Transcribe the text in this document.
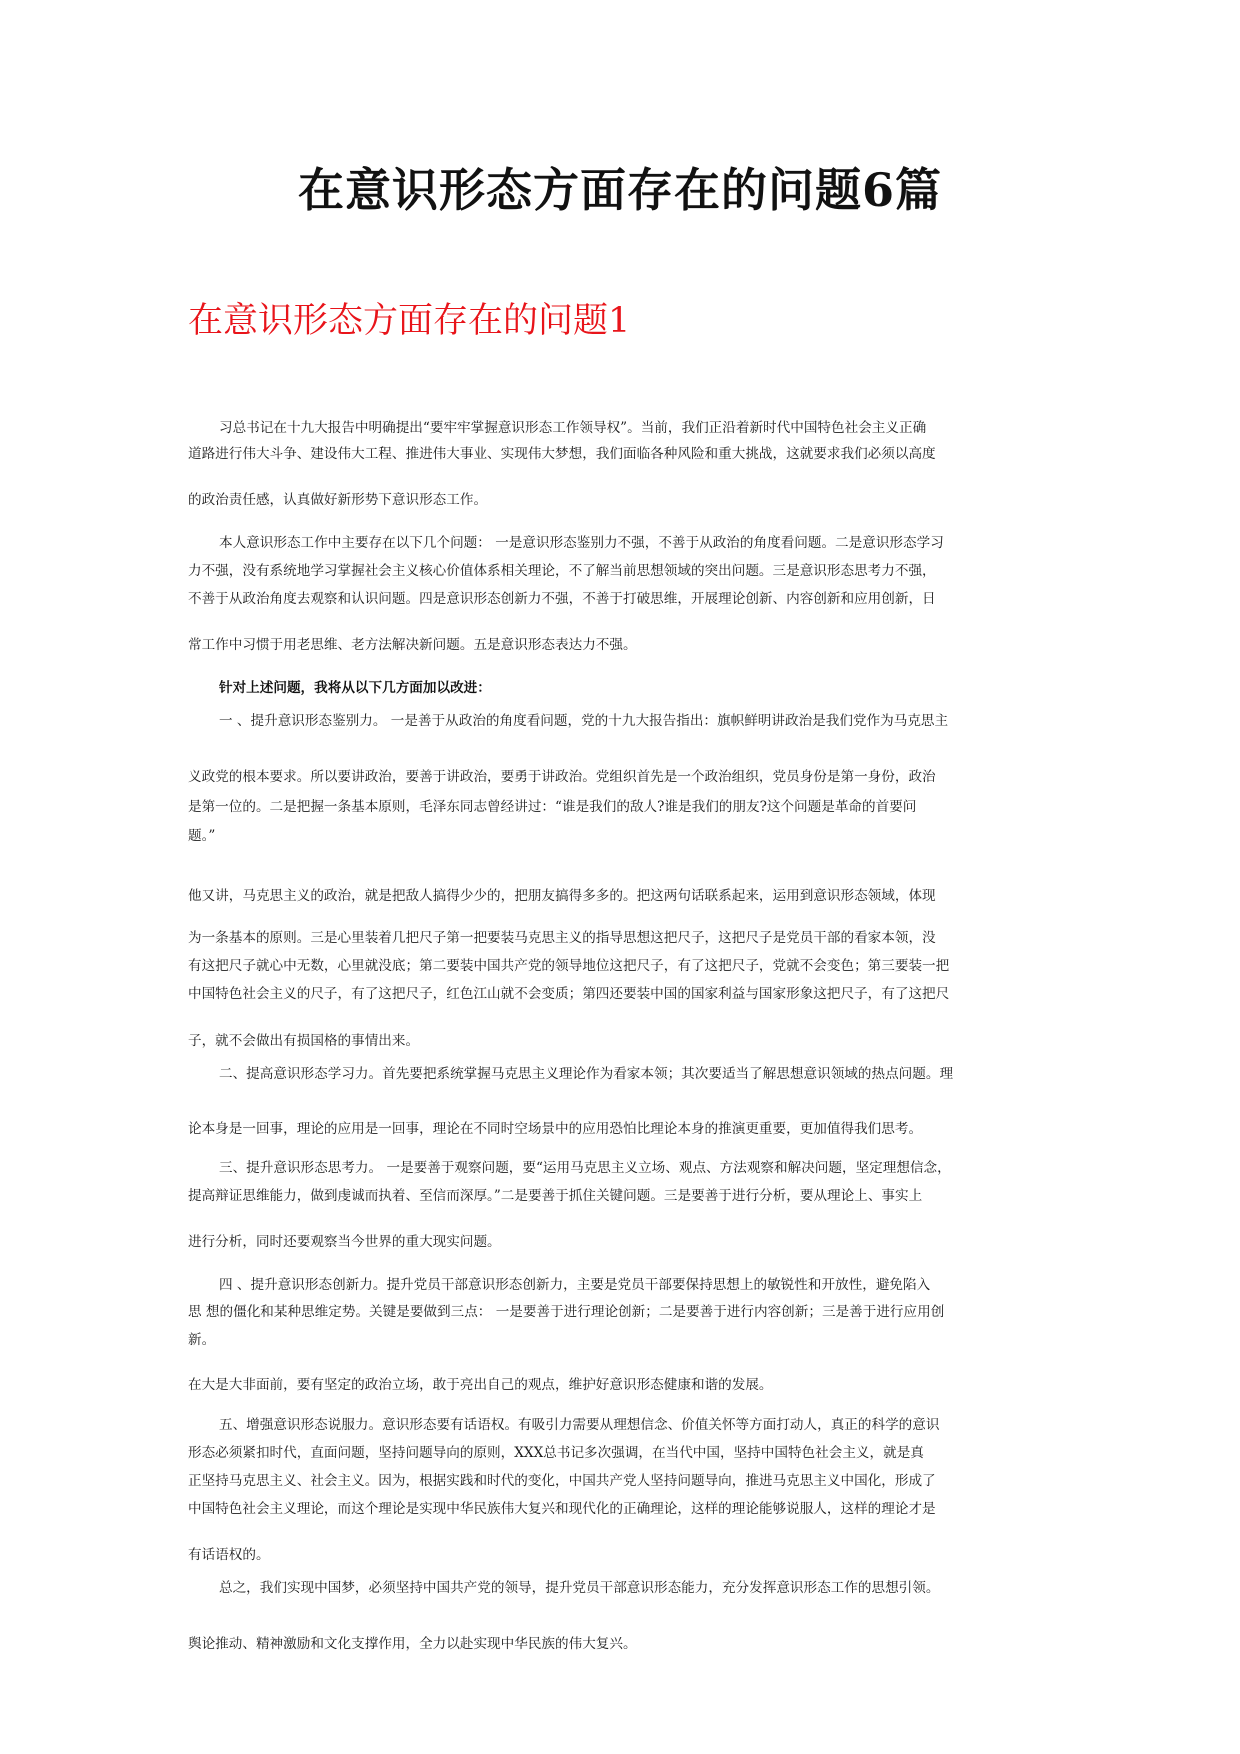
在意识形态方面存在的问题6篇
在意识形态方面存在的问题1

习总书记在十九大报告中明确提出“要牢牢掌握意识形态工作领导权”。当前，我们正沿着新时代中国特色社会主义正确

道路进行伟大斗争、建设伟大工程、推进伟大事业、实现伟大梦想，我们面临各种风险和重大挑战，这就要求我们必须以高度

的政治责任感，认真做好新形势下意识形态工作。

本人意识形态工作中主要存在以下几个问题： 一是意识形态鉴别力不强，不善于从政治的角度看问题。二是意识形态学习

力不强，没有系统地学习掌握社会主义核心价值体系相关理论，不了解当前思想领域的突出问题。三是意识形态思考力不强，

不善于从政治角度去观察和认识问题。四是意识形态创新力不强，不善于打破思维，开展理论创新、内容创新和应用创新，日

常工作中习惯于用老思维、老方法解决新问题。五是意识形态表达力不强。

针对上述问题，我将从以下几方面加以改进：

一 、提升意识形态鉴别力。 一是善于从政治的角度看问题，党的十九大报告指出：旗帜鲜明讲政治是我们党作为马克思主

义政党的根本要求。所以要讲政治，要善于讲政治，要勇于讲政治。党组织首先是一个政治组织，党员身份是第一身份，政治

是第一位的。二是把握一条基本原则，毛泽东同志曾经讲过：“谁是我们的敌人?谁是我们的朋友?这个问题是革命的首要问

题。”

他又讲，马克思主义的政治，就是把敌人搞得少少的，把朋友搞得多多的。把这两句话联系起来，运用到意识形态领域，体现

为一条基本的原则。三是心里装着几把尺子第一把要装马克思主义的指导思想这把尺子，这把尺子是党员干部的看家本领，没

有这把尺子就心中无数，心里就没底；第二要装中国共产党的领导地位这把尺子，有了这把尺子，党就不会变色；第三要装一把

中国特色社会主义的尺子，有了这把尺子，红色江山就不会变质；第四还要装中国的国家利益与国家形象这把尺子，有了这把尺

子，就不会做出有损国格的事情出来。

二、提高意识形态学习力。首先要把系统掌握马克思主义理论作为看家本领；其次要适当了解思想意识领域的热点问题。理

论本身是一回事，理论的应用是一回事，理论在不同时空场景中的应用恐怕比理论本身的推演更重要，更加值得我们思考。

三、提升意识形态思考力。 一是要善于观察问题，要“运用马克思主义立场、观点、方法观察和解决问题，坚定理想信念，

提高辩证思维能力，做到虔诚而执着、至信而深厚。”二是要善于抓住关键问题。三是要善于进行分析，要从理论上、事实上

进行分析，同时还要观察当今世界的重大现实问题。

四 、提升意识形态创新力。提升党员干部意识形态创新力，主要是党员干部要保持思想上的敏锐性和开放性，避免陷入

思 想的僵化和某种思维定势。关键是要做到三点： 一是要善于进行理论创新；二是要善于进行内容创新；三是善于进行应用创

新。

在大是大非面前，要有坚定的政治立场，敢于亮出自己的观点，维护好意识形态健康和谐的发展。

五、增强意识形态说服力。意识形态要有话语权。有吸引力需要从理想信念、价值关怀等方面打动人，真正的科学的意识

形态必须紧扣时代，直面问题，坚持问题导向的原则，XXX总书记多次强调，在当代中国，坚持中国特色社会主义，就是真

正坚持马克思主义、社会主义。因为，根据实践和时代的变化，中国共产党人坚持问题导向，推进马克思主义中国化，形成了

中国特色社会主义理论，而这个理论是实现中华民族伟大复兴和现代化的正确理论，这样的理论能够说服人，这样的理论才是

有话语权的。

总之，我们实现中国梦，必须坚持中国共产党的领导，提升党员干部意识形态能力，充分发挥意识形态工作的思想引领。

舆论推动、精神激励和文化支撑作用，全力以赴实现中华民族的伟大复兴。
